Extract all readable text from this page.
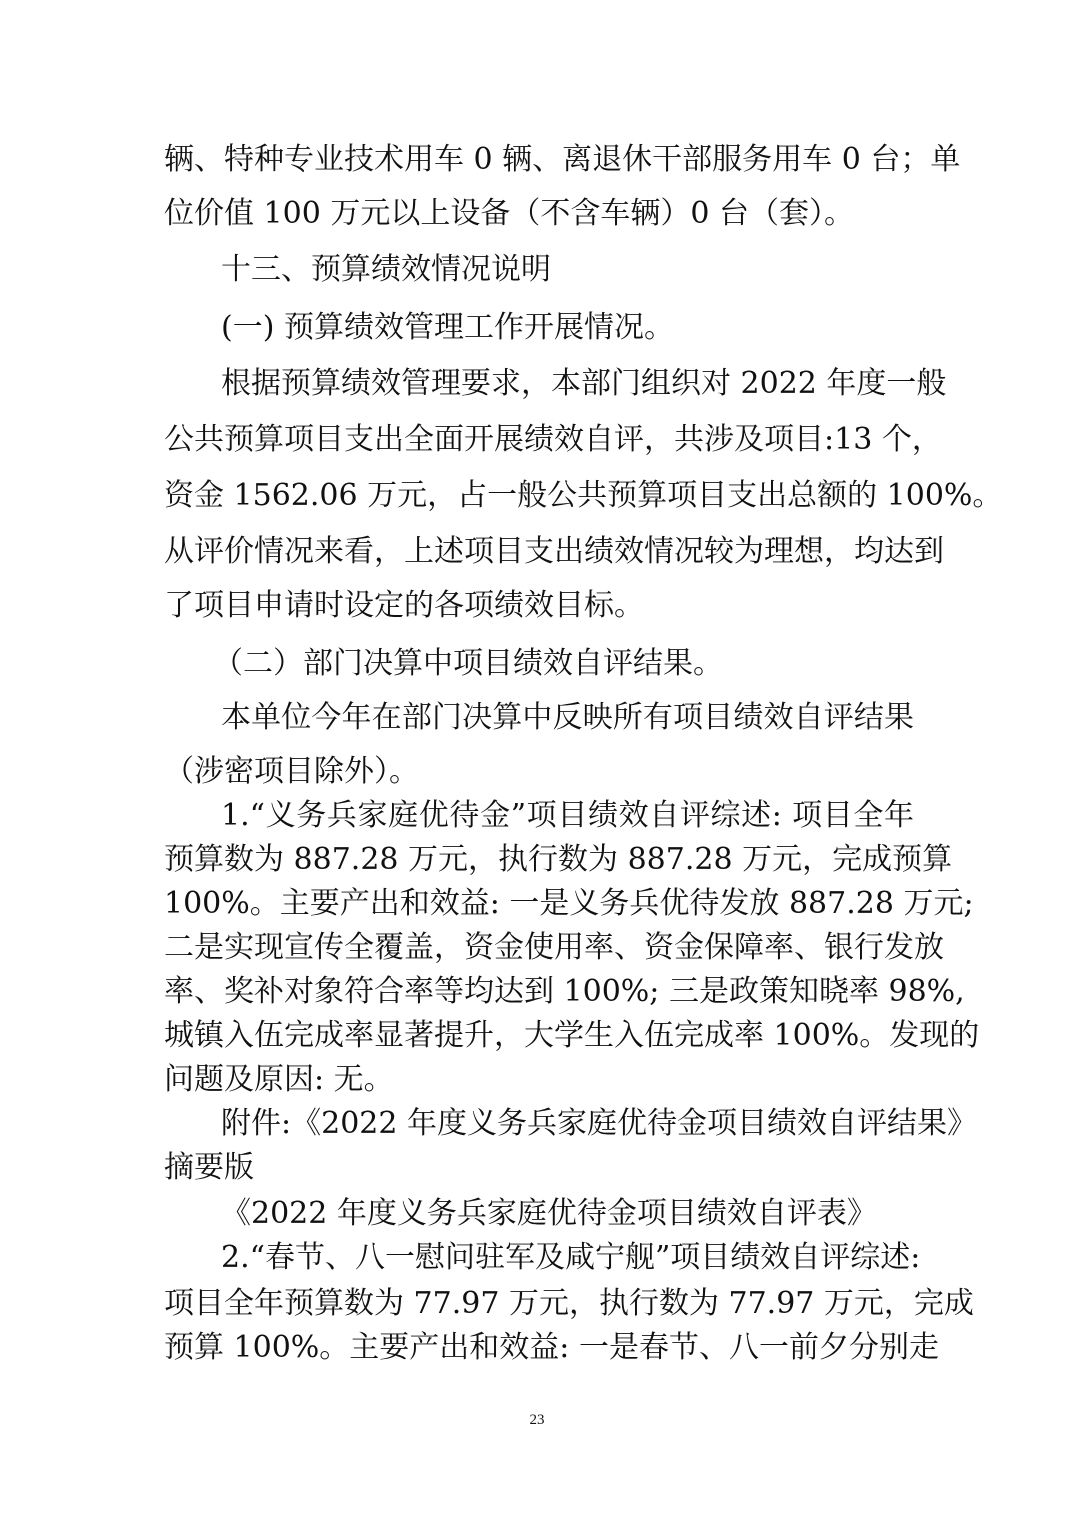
辆、特种专业技术用车 0 辆、离退休干部服务用车 0 台；单
位价值 100 万元以上设备（不含车辆）0 台（套）。
十三、预算绩效情况说明
(一) 预算绩效管理工作开展情况。
根据预算绩效管理要求，本部门组织对 2022 年度一般
公共预算项目支出全面开展绩效自评，共涉及项目:13 个，
资金 1562.06 万元，占一般公共预算项目支出总额的 100%。
从评价情况来看，上述项目支出绩效情况较为理想，均达到
了项目申请时设定的各项绩效目标。
（二）部门决算中项目绩效自评结果。
本单位今年在部门决算中反映所有项目绩效自评结果
（涉密项目除外）。
1.“义务兵家庭优待金”项目绩效自评综述: 项目全年
预算数为 887.28 万元，执行数为 887.28 万元，完成预算
100%。主要产出和效益: 一是义务兵优待发放 887.28 万元;
二是实现宣传全覆盖，资金使用率、资金保障率、银行发放
率、奖补对象符合率等均达到 100%; 三是政策知晓率 98%,
城镇入伍完成率显著提升，大学生入伍完成率 100%。发现的
问题及原因: 无。
附件:《2022 年度义务兵家庭优待金项目绩效自评结果》
摘要版
《2022 年度义务兵家庭优待金项目绩效自评表》
2.“春节、八一慰问驻军及咸宁舰”项目绩效自评综述:
项目全年预算数为 77.97 万元，执行数为 77.97 万元，完成
预算 100%。主要产出和效益: 一是春节、八一前夕分别走
23
